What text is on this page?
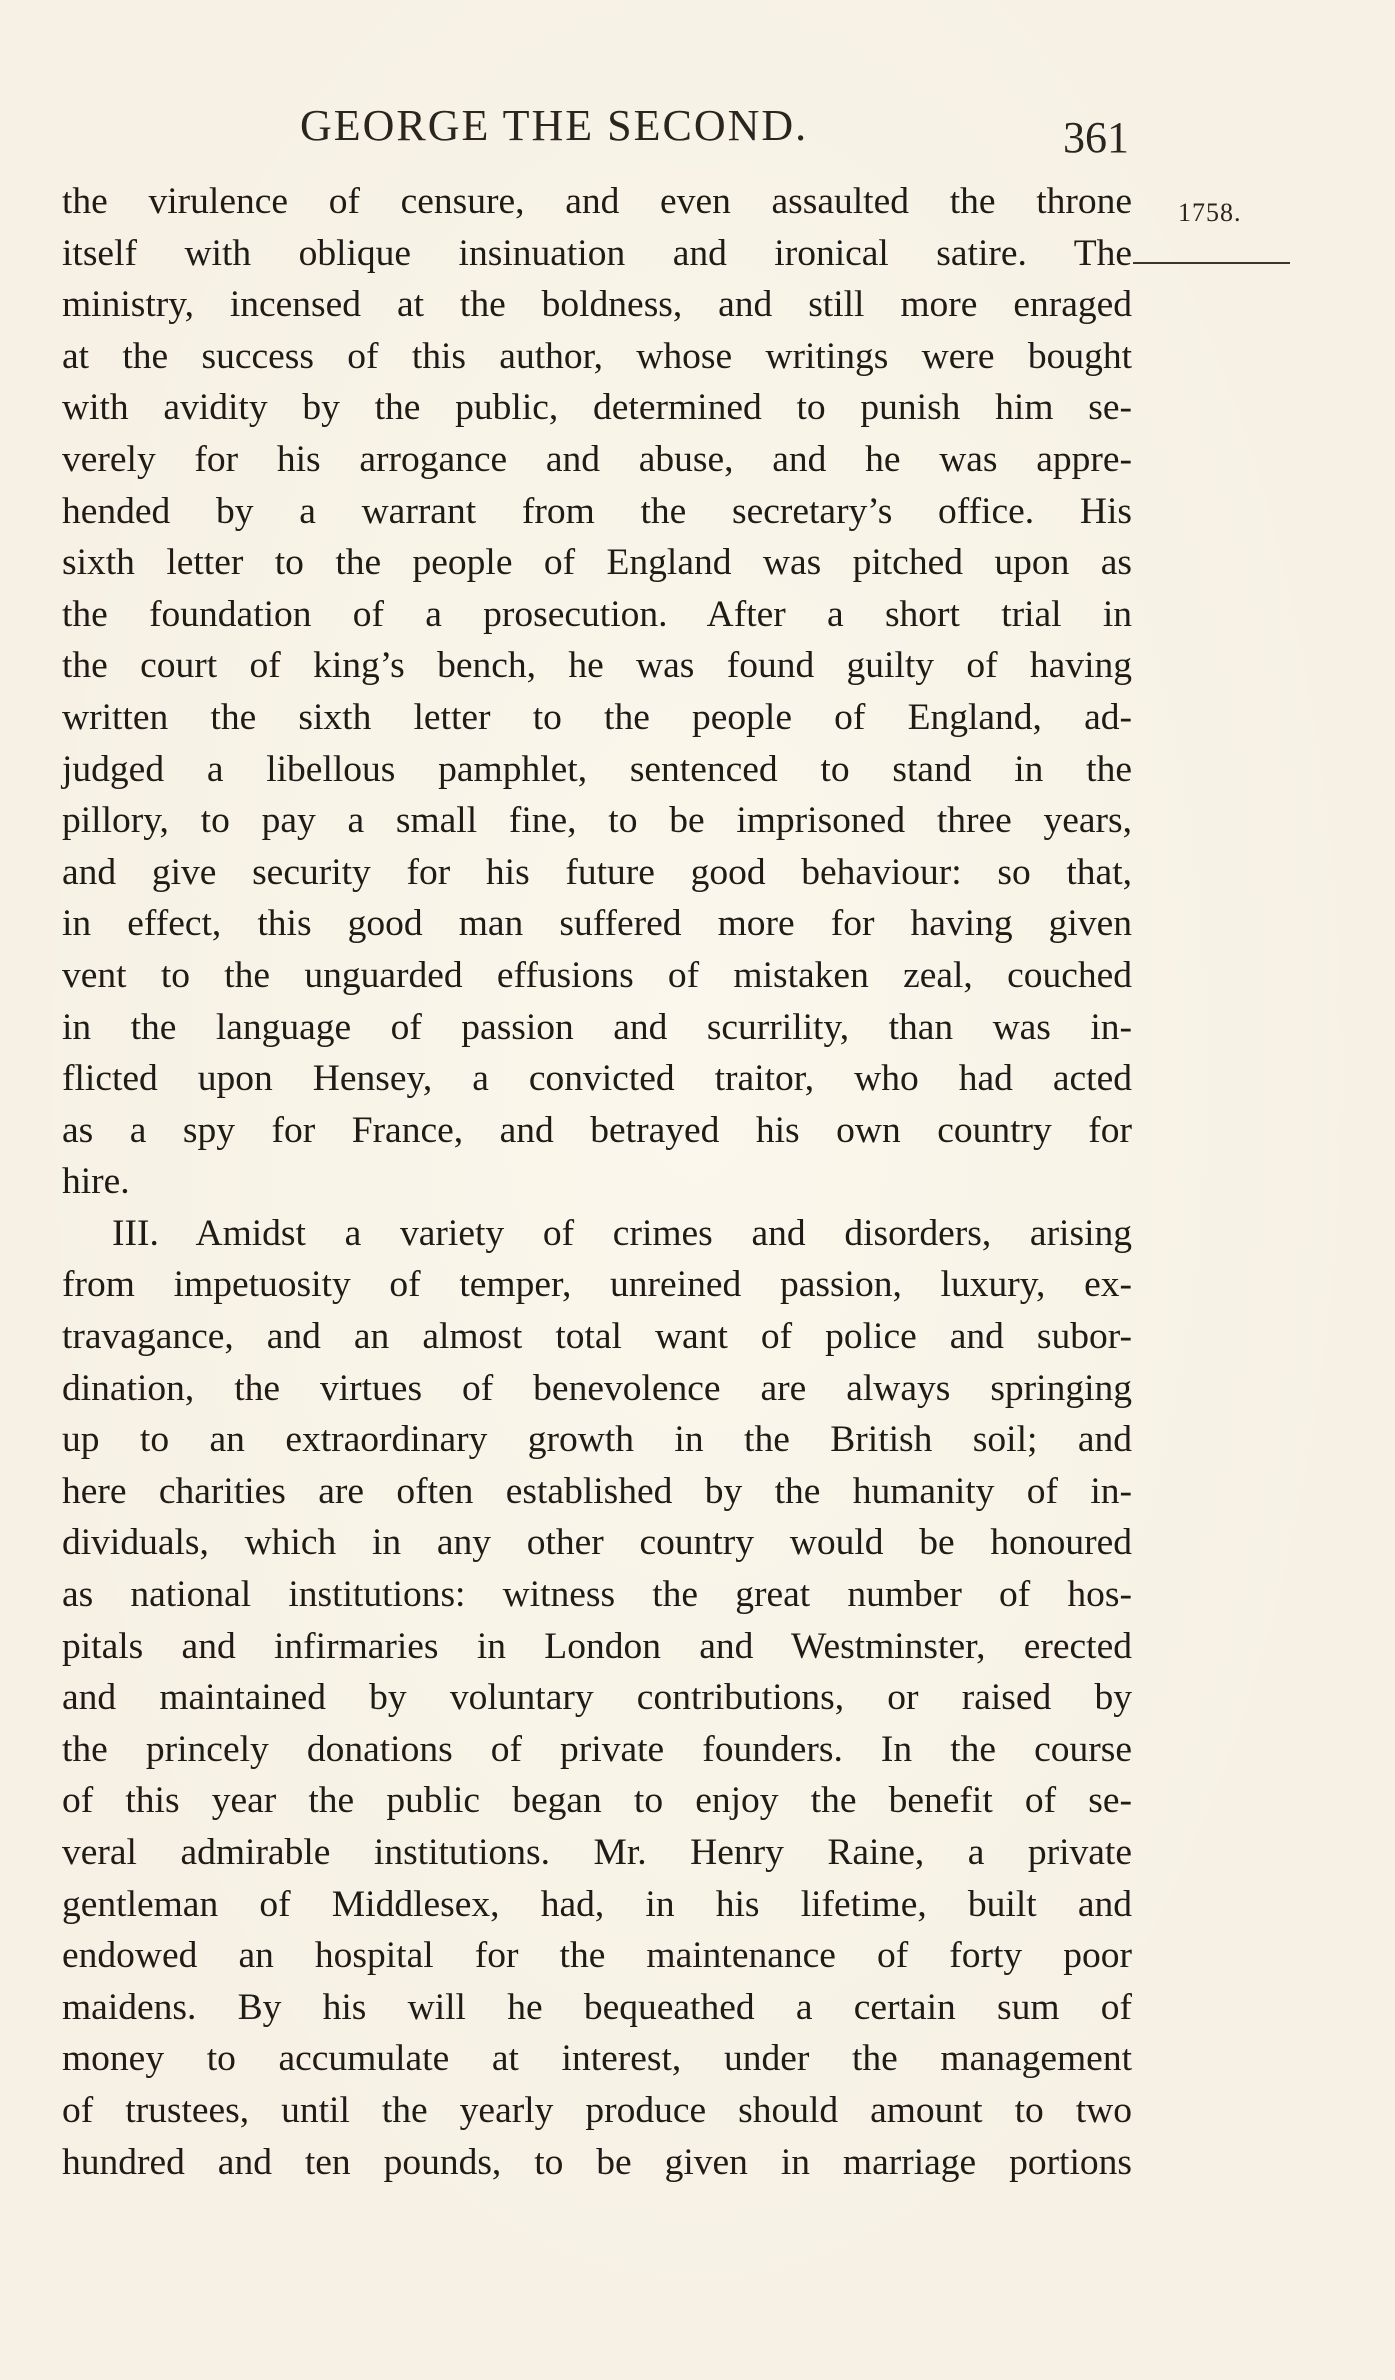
GEORGE THE SECOND.	361
1758.
the virulence of censure, and even assaulted the throne
itself with oblique insinuation and ironical satire. The
ministry, incensed at the boldness, and still more enraged
at the success of this author, whose writings were bought
with avidity by the public, determined to punish him se-
verely for his arrogance and abuse, and he was appre-
hended by a warrant from the secretary’s office. His
sixth letter to the people of England was pitched upon as
the foundation of a prosecution. After a short trial in
the court of king’s bench, he was found guilty of having
written the sixth letter to the people of England, ad-
judged a libellous pamphlet, sentenced to stand in the
pillory, to pay a small fine, to be imprisoned three years,
and give security for his future good behaviour: so that,
in effect, this good man suffered more for having given
vent to the unguarded effusions of mistaken zeal, couched
in the language of passion and scurrility, than was in-
flicted upon Hensey, a convicted traitor, who had acted
as a spy for France, and betrayed his own country for
hire.
III. Amidst a variety of crimes and disorders, arising
from impetuosity of temper, unreined passion, luxury, ex-
travagance, and an almost total want of police and subor-
dination, the virtues of benevolence are always springing
up to an extraordinary growth in the British soil; and
here charities are often established by the humanity of in-
dividuals, which in any other country would be honoured
as national institutions: witness the great number of hos-
pitals and infirmaries in London and Westminster, erected
and maintained by voluntary contributions, or raised by
the princely donations of private founders. In the course
of this year the public began to enjoy the benefit of se-
veral admirable institutions. Mr. Henry Raine, a private
gentleman of Middlesex, had, in his lifetime, built and
endowed an hospital for the maintenance of forty poor
maidens. By his will he bequeathed a certain sum of
money to accumulate at interest, under the management
of trustees, until the yearly produce should amount to two
hundred and ten pounds, to be given in marriage portions
